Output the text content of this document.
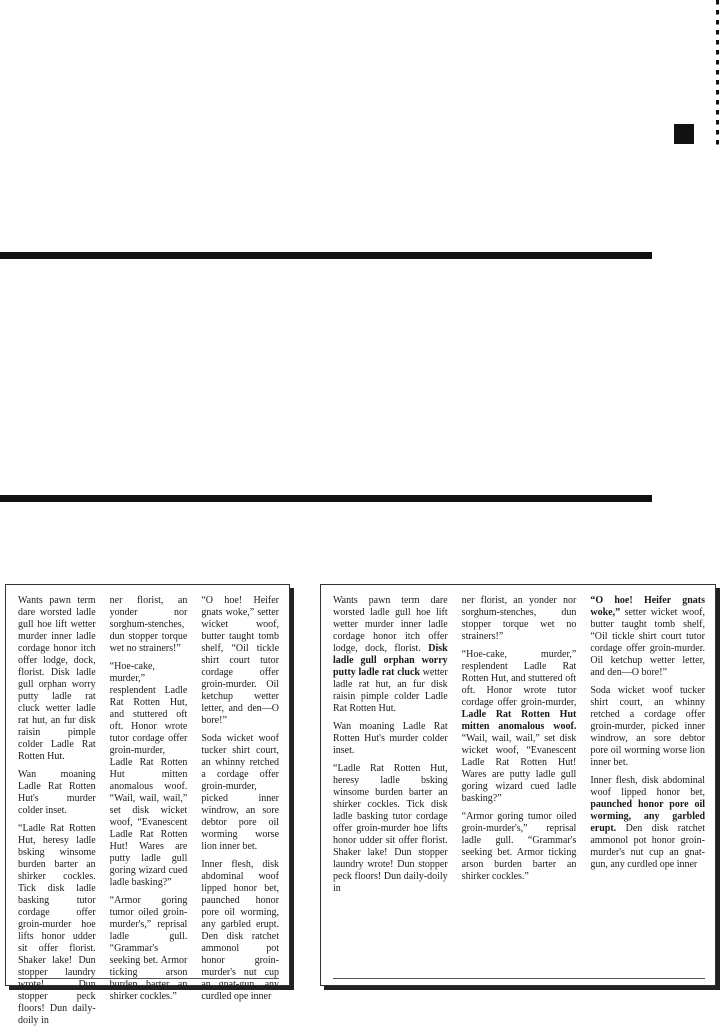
Wants pawn term dare worsted ladle gull hoe lift wetter murder inner ladle cordage honor itch offer lodge, dock, florist. Disk ladle gull orphan worry putty ladle rat cluck wetter ladle rat hut, an fur disk raisin pimple colder Ladle Rat Rotten Hut.

Wan moaning Ladle Rat Rotten Hut's murder colder inset.

“Ladle Rat Rotten Hut, heresy ladle bsking winsome burden barter an shirker cockles. Tick disk ladle basking tutor cordage offer groin-murder hoe lifts honor udder sit offer florist. Shaker lake! Dun stopper laundry wrote! Dun stopper peck floors! Dun daily-doily in

ner florist, an yonder nor sorghum-stenches, dun stopper torque wet no strainers!”

“Hoe-cake, murder,” resplendent Ladle Rat Rotten Hut, and stuttered oft oft. Honor wrote tutor cordage offer groin-murder, Ladle Rat Rotten Hut mitten anomalous woof. “Wail, wail, wail,” set disk wicket woof, “Evanescent Ladle Rat Rotten Hut! Wares are putty ladle gull goring wizard cued ladle basking?”

“Armor goring tumor oiled groin-murder's,” reprisal ladle gull. “Grammar's seeking bet. Armor ticking arson burden barter an shirker cockles.”

“O hoe! Heifer gnats woke,” setter wicket woof, butter taught tomb shelf, “Oil tickle shirt court tutor cordage offer groin-murder. Oil ketchup wetter letter, and den—O bore!”

Soda wicket woof tucker shirt court, an whinny retched a cordage offer groin-murder, picked inner windrow, an sore debtor pore oil worming worse lion inner bet.

Inner flesh, disk abdominal woof lipped honor bet, paunched honor pore oil worming, any garbled erupt. Den disk ratchet ammonol pot honor groin-murder's nut cup an gnat-gun, any curdled ope inner

Wants pawn term dare worsted ladle gull hoe lift wetter murder inner ladle cordage honor itch offer lodge, dock, florist. Disk ladle gull orphan worry putty ladle rat cluck wetter ladle rat hut, an fur disk raisin pimple colder Ladle Rat Rotten Hut.

Wan moaning Ladle Rat Rotten Hut's murder colder inset.

“Ladle Rat Rotten Hut, heresy ladle bsking winsome burden barter an shirker cockles. Tick disk ladle basking tutor cordage offer groin-murder hoe lifts honor udder sit offer florist. Shaker lake! Dun stopper laundry wrote! Dun stopper peck floors! Dun daily-doily in

ner florist, an yonder nor sorghum-stenches, dun stopper torque wet no strainers!”

“Hoe-cake, murder,” resplendent Ladle Rat Rotten Hut, and stuttered oft oft. Honor wrote tutor cordage offer groin-murder, Ladle Rat Rotten Hut mitten anomalous woof. “Wail, wail, wail,” set disk wicket woof, “Evanescent Ladle Rat Rotten Hut! Wares are putty ladle gull goring wizard cued ladle basking?”

“Armor goring tumor oiled groin-murder's,” reprisal ladle gull. “Grammar's seeking bet. Armor ticking arson burden barter an shirker cockles.”

“O hoe! Heifer gnats woke,” setter wicket woof, butter taught tomb shelf, “Oil tickle shirt court tutor cordage offer groin-murder. Oil ketchup wetter letter, and den—O bore!”

Soda wicket woof tucker shirt court, an whinny retched a cordage offer groin-murder, picked inner windrow, an sore debtor pore oil worming worse lion inner bet.

Inner flesh, disk abdominal woof lipped honor bet, paunched honor pore oil worming, any garbled erupt. Den disk ratchet ammonol pot honor groin-murder's nut cup an gnat-gun, any curdled ope inner
